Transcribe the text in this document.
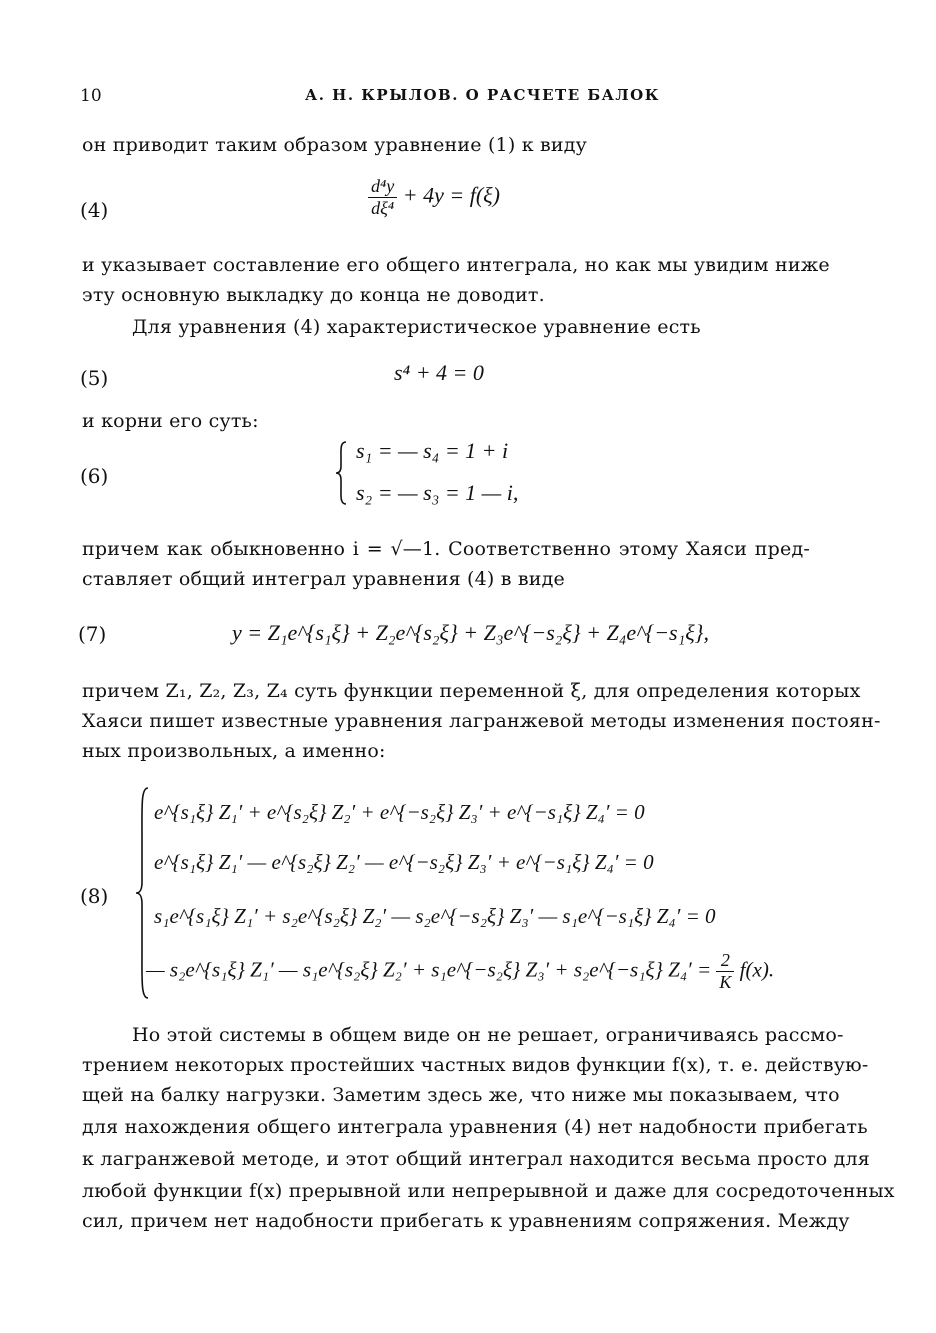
10	А. Н. КРЫЛОВ. О РАСЧЕТЕ БАЛОК
он приводит таким образом уравнение (1) к виду
(4)	$\frac{\text{d⁴y}}{\text{dξ⁴}} + 4y = f(\xi)$
и указывает составление его общего интеграла, но как мы увидим ниже
эту основную выкладку до конца не доводит.
Для уравнения (4) характеристическое уравнение есть
(5)	s⁴ + 4 = 0
и корни его суть:
(6)
s₁ = — s₄ = 1 + i
s₂ = — s₃ = 1 — i,
причем как обыкновенно i = √—1. Соответственно этому Хаяси пред-
ставляет общий интеграл уравнения (4) в виде
(7)	y = Z₁e^{s₁ξ} + Z₂e^{s₂ξ} + Z₃e^{−s₂ξ} + Z₄e^{−s₁ξ},
причем Z₁, Z₂, Z₃, Z₄ суть функции переменной ξ, для определения которых
Хаяси пишет известные уравнения лагранжевой методы изменения постоян-
ных произвольных, а именно:
(8)
e^{s₁ξ} Z₁′ + e^{s₂ξ} Z₂′ + e^{−s₂ξ} Z₃′ + e^{−s₁ξ} Z₄′ = 0
e^{s₁ξ} Z₁′ — e^{s₂ξ} Z₂′ — e^{−s₂ξ} Z₃′ + e^{−s₁ξ} Z₄′ = 0
s₁e^{s₁ξ} Z₁′ + s₂e^{s₂ξ} Z₂′ — s₂e^{−s₂ξ} Z₃′ — s₁e^{−s₁ξ} Z₄′ = 0
— s₂e^{s₁ξ} Z₁′ — s₁e^{s₂ξ} Z₂′ + s₁e^{−s₂ξ} Z₃′ + s₂e^{−s₁ξ} $Z_4' = \frac{2}{K} f(x)$.
Но этой системы в общем виде он не решает, ограничиваясь рассмо-
трением некоторых простейших частных видов функции f(x), т. е. действую-
щей на балку нагрузки. Заметим здесь же, что ниже мы показываем, что
для нахождения общего интеграла уравнения (4) нет надобности прибегать
к лагранжевой методе, и этот общий интеграл находится весьма просто для
любой функции f(x) прерывной или непрерывной и даже для сосредоточенных
сил, причем нет надобности прибегать к уравнениям сопряжения. Между
